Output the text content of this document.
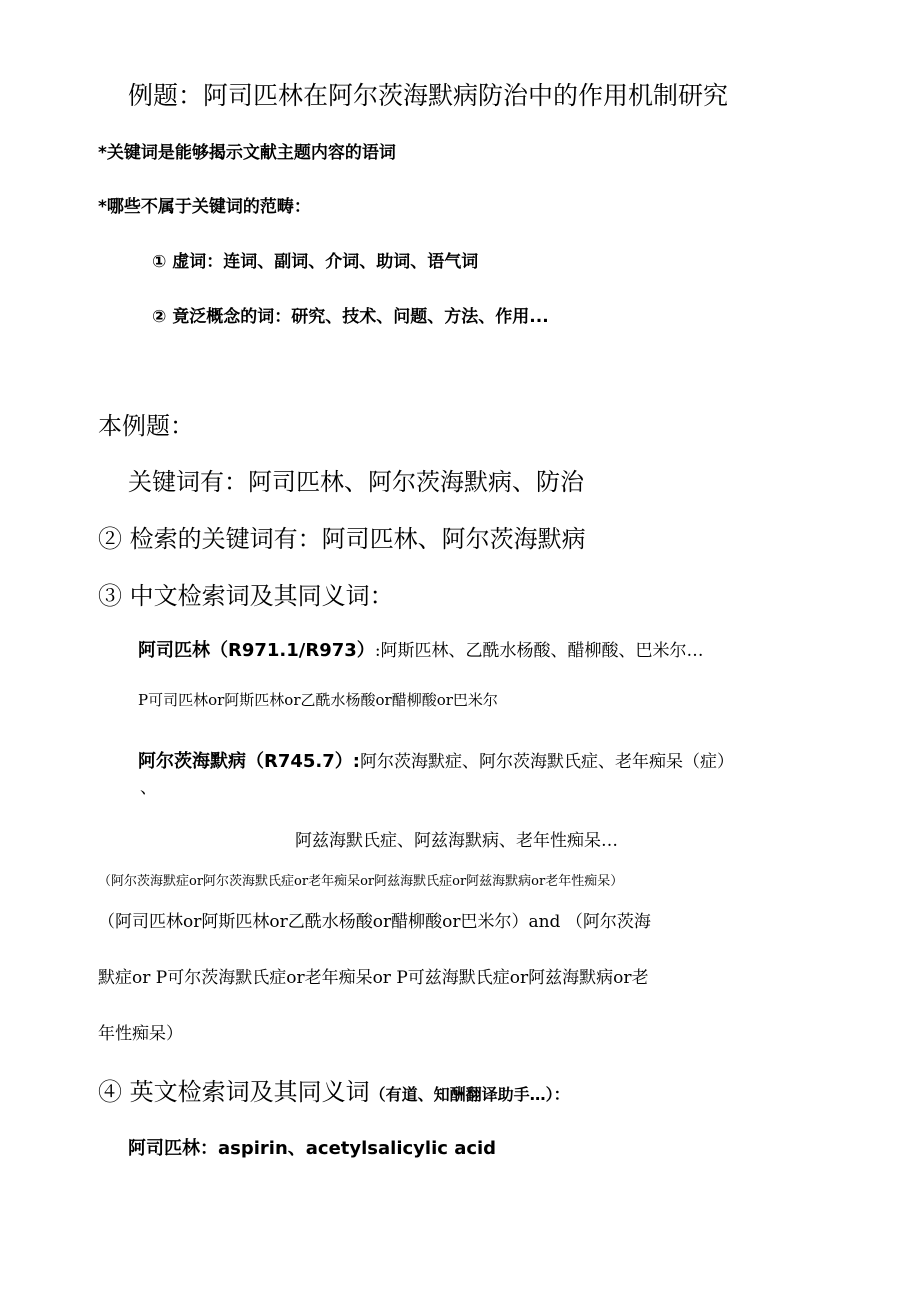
例题：阿司匹林在阿尔茨海默病防治中的作用机制研究

*关键词是能够揭示文献主题内容的语词

*哪些不属于关键词的范畴：

① 虚词：连词、副词、介词、助词、语气词

② 竟泛概念的词：研究、技术、问题、方法、作用...

本例题：

关键词有：阿司匹林、阿尔茨海默病、防治

② 检索的关键词有：阿司匹林、阿尔茨海默病

③ 中文检索词及其同义词：

阿司匹林（R971.1/R973）:阿斯匹林、乙酰水杨酸、醋柳酸、巴米尔…

P可司匹林or阿斯匹林or乙酰水杨酸or醋柳酸or巴米尔

阿尔茨海默病（R745.7）:阿尔茨海默症、阿尔茨海默氏症、老年痴呆（症）

、

阿兹海默氏症、阿兹海默病、老年性痴呆…

（阿尔茨海默症or阿尔茨海默氏症or老年痴呆or阿兹海默氏症or阿兹海默病or老年性痴呆）

（阿司匹林or阿斯匹林or乙酰水杨酸or醋柳酸or巴米尔）and （阿尔茨海

默症or P可尔茨海默氏症or老年痴呆or P可兹海默氏症or阿兹海默病or老

年性痴呆）

④ 英文检索词及其同义词（有道、知酬翻译助手…）：

阿司匹林：aspirin、acetylsalicylic acid
